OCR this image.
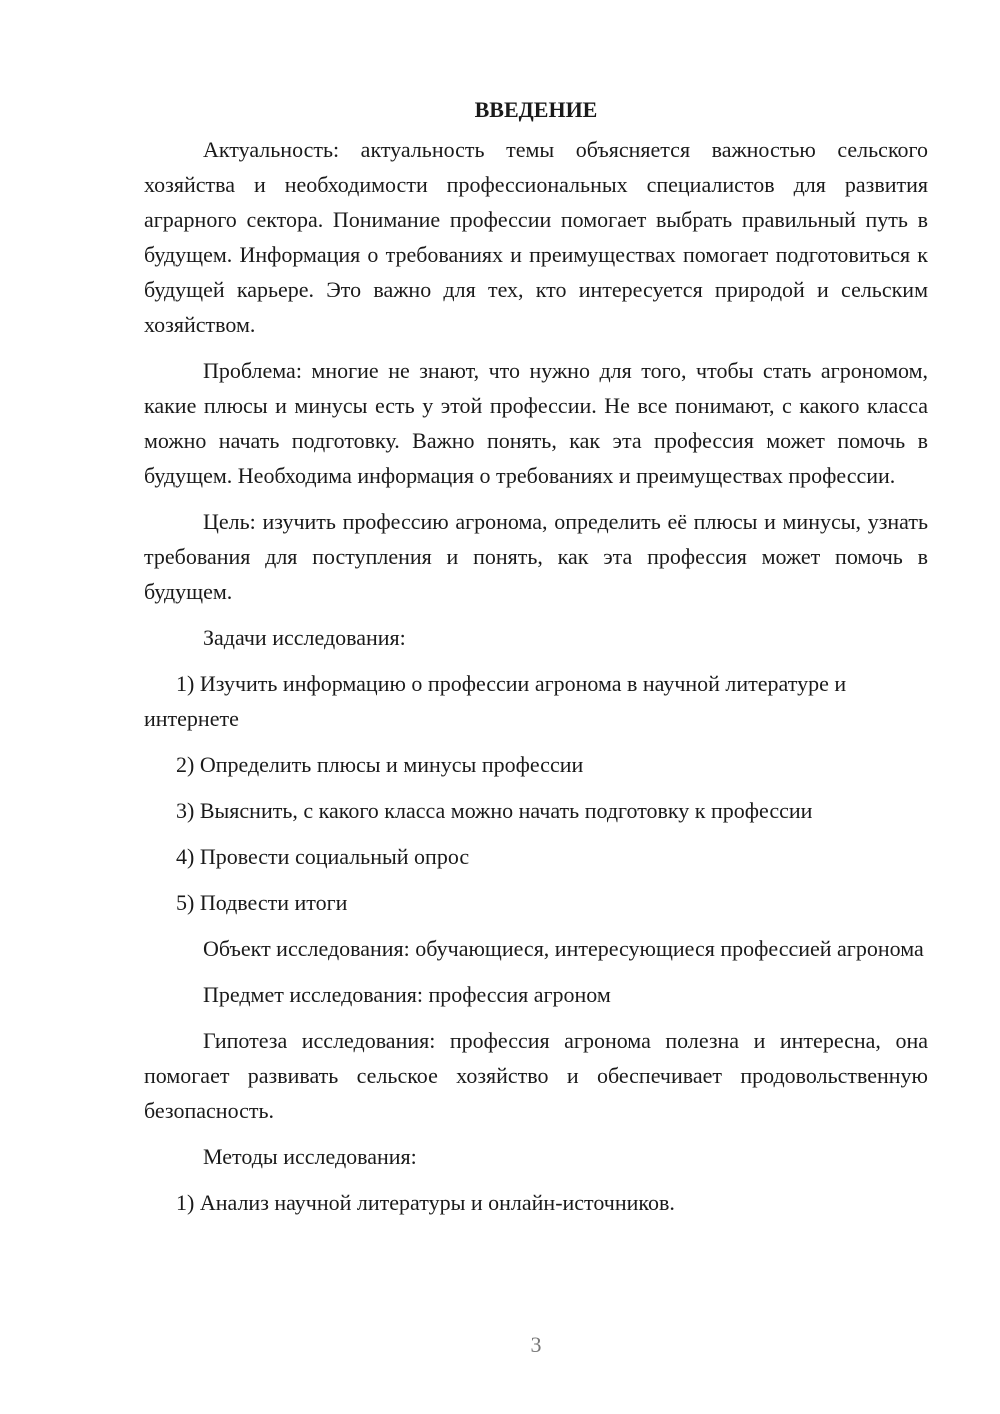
ВВЕДЕНИЕ

Актуальность: актуальность темы объясняется важностью сельского хозяйства и необходимости профессиональных специалистов для развития аграрного сектора. Понимание профессии помогает выбрать правильный путь в будущем. Информация о требованиях и преимуществах помогает подготовиться к будущей карьере. Это важно для тех, кто интересуется природой и сельским хозяйством.

Проблема: многие не знают, что нужно для того, чтобы стать агрономом, какие плюсы и минусы есть у этой профессии. Не все понимают, с какого класса можно начать подготовку. Важно понять, как эта профессия может помочь в будущем. Необходима информация о требованиях и преимуществах профессии.

Цель: изучить профессию агронома, определить её плюсы и минусы, узнать требования для поступления и понять, как эта профессия может помочь в будущем.

Задачи исследования:

1) Изучить информацию о профессии агронома в научной литературе и интернете

2) Определить плюсы и минусы профессии

3) Выяснить, с какого класса можно начать подготовку к профессии

4) Провести социальный опрос

5) Подвести итоги

Объект исследования: обучающиеся, интересующиеся профессией агронома

Предмет исследования: профессия агроном

Гипотеза исследования: профессия агронома полезна и интересна, она помогает развивать сельское хозяйство и обеспечивает продовольственную безопасность.

Методы исследования:

1) Анализ научной литературы и онлайн-источников.

3
